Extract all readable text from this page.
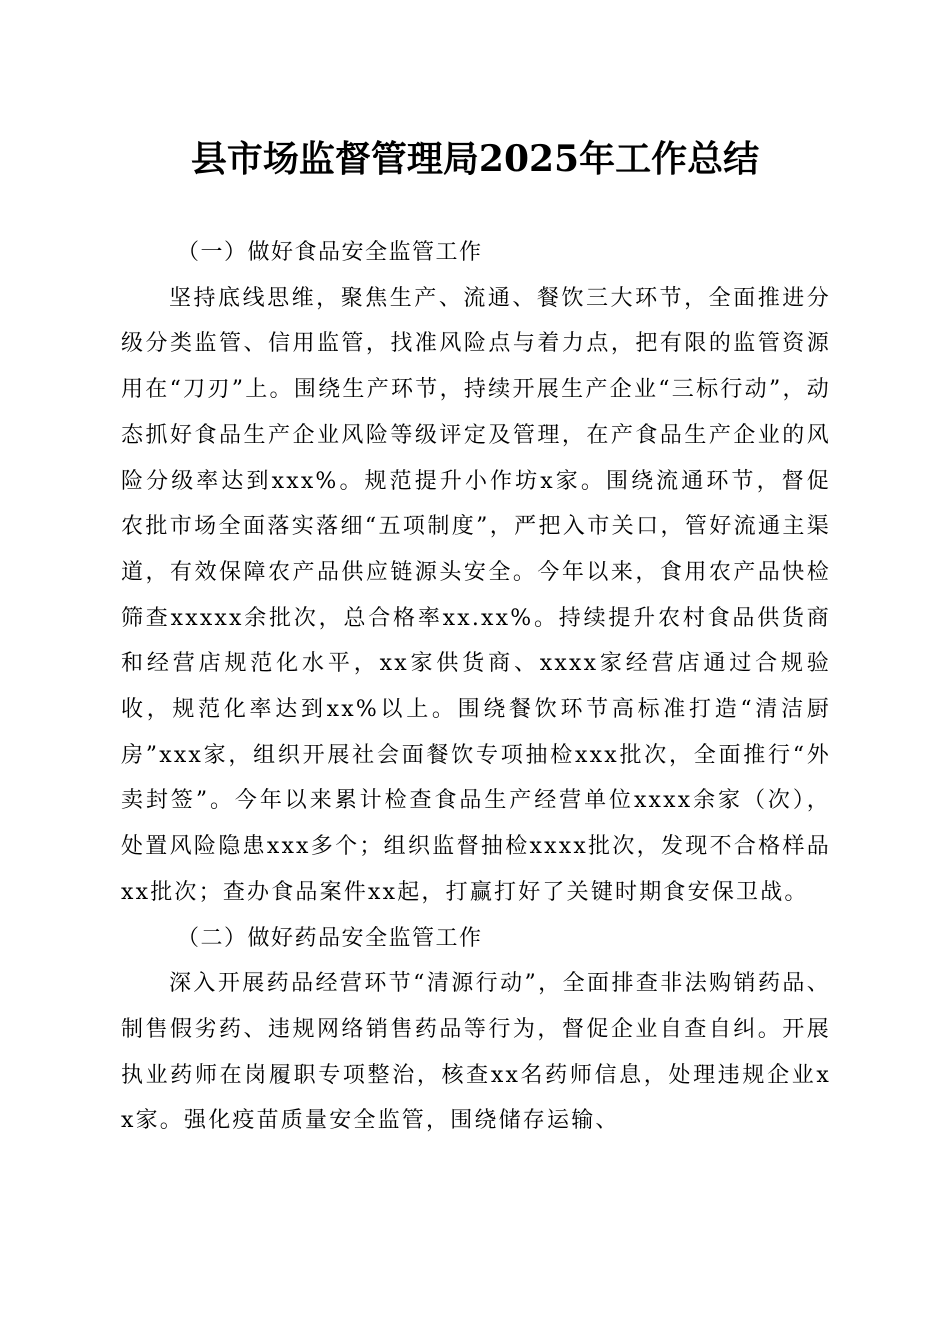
县市场监督管理局2025年工作总结
（一）做好食品安全监管工作

坚持底线思维，聚焦生产、流通、餐饮三大环节，全面推进分级分类监管、信用监管，找准风险点与着力点，把有限的监管资源用在“刀刃”上。围绕生产环节，持续开展生产企业“三标行动”，动态抓好食品生产企业风险等级评定及管理，在产食品生产企业的风险分级率达到xxx%。规范提升小作坊x家。围绕流通环节，督促农批市场全面落实落细“五项制度”，严把入市关口，管好流通主渠道，有效保障农产品供应链源头安全。今年以来，食用农产品快检筛查xxxxx余批次，总合格率xx.xx%。持续提升农村食品供货商和经营店规范化水平，xx家供货商、xxxx家经营店通过合规验收，规范化率达到xx%以上。围绕餐饮环节高标准打造“清洁厨房”xxx家，组织开展社会面餐饮专项抽检xxx批次，全面推行“外卖封签”。今年以来累计检查食品生产经营单位xxxx余家（次），处置风险隐患xxx多个；组织监督抽检xxxx批次，发现不合格样品xx批次；查办食品案件xx起，打赢打好了关键时期食安保卫战。

（二）做好药品安全监管工作

深入开展药品经营环节“清源行动”，全面排查非法购销药品、制售假劣药、违规网络销售药品等行为，督促企业自查自纠。开展执业药师在岗履职专项整治，核查xx名药师信息，处理违规企业xx家。强化疫苗质量安全监管，围绕储存运输、
